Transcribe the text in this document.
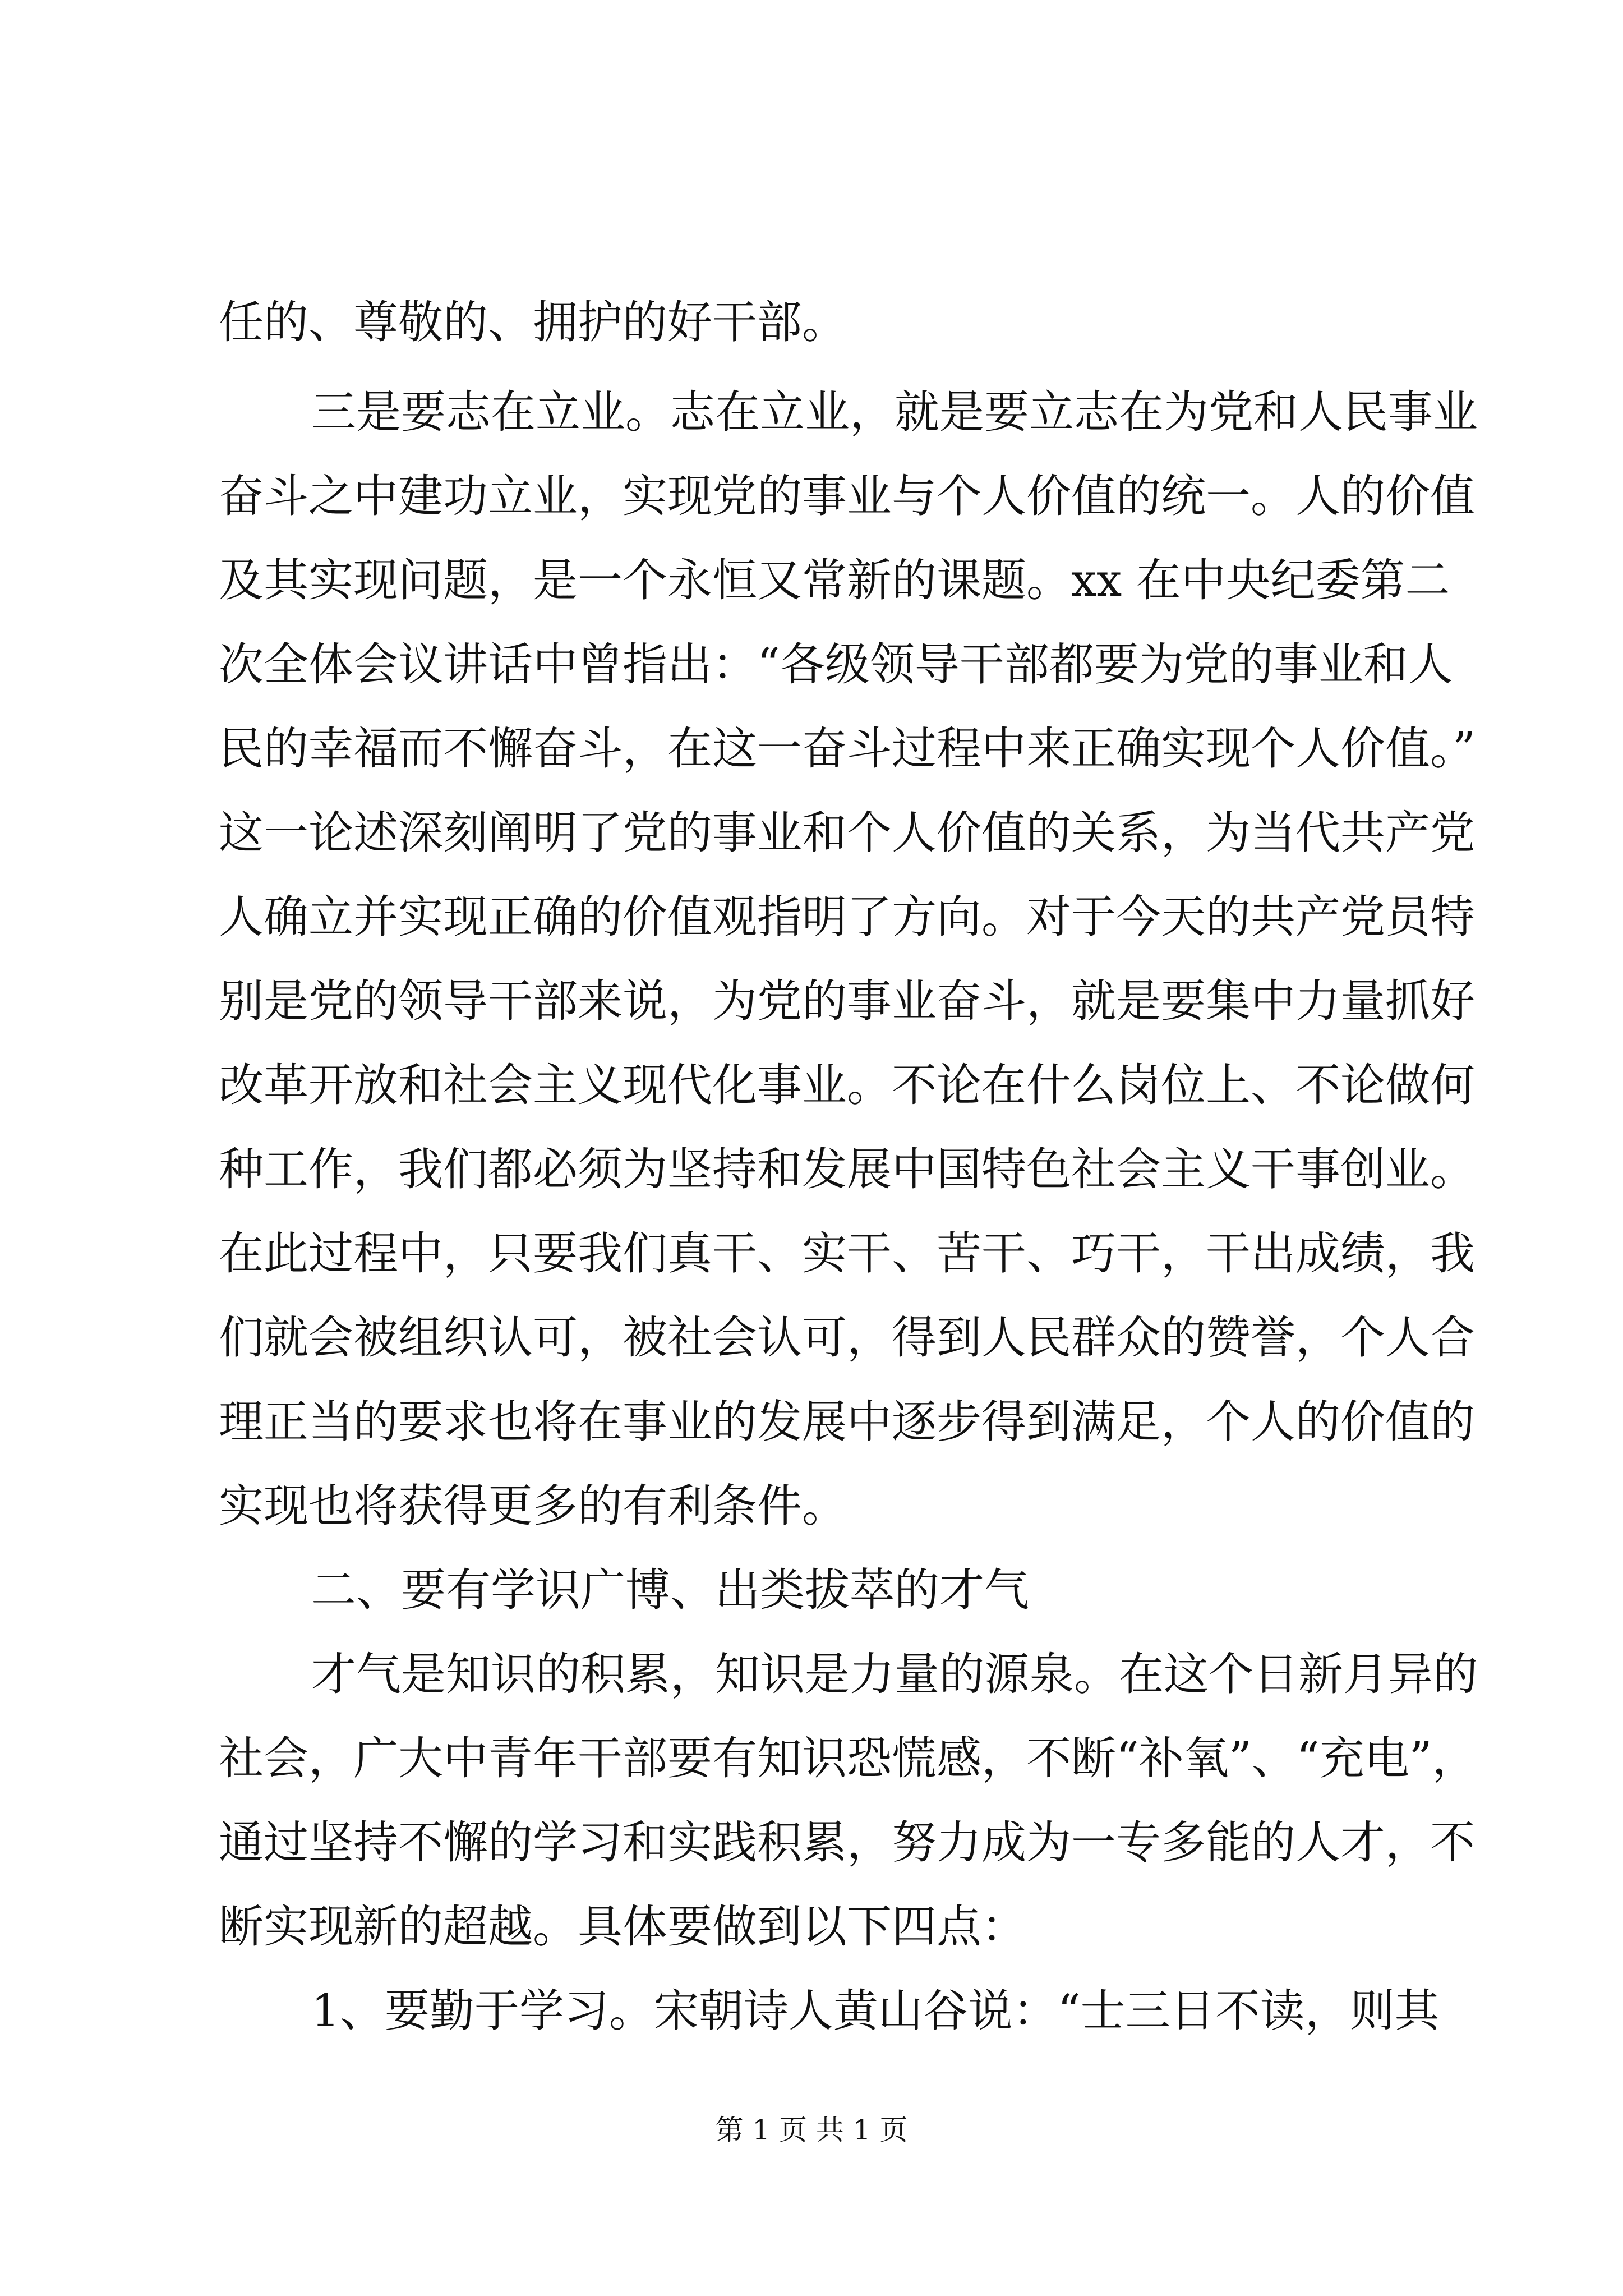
任的、尊敬的、拥护的好干部。
三是要志在立业。志在立业，就是要立志在为党和人民事业
奋斗之中建功立业，实现党的事业与个人价值的统一。人的价值
及其实现问题，是一个永恒又常新的课题。xx 在中央纪委第二
次全体会议讲话中曾指出：“各级领导干部都要为党的事业和人
民的幸福而不懈奋斗，在这一奋斗过程中来正确实现个人价值。”
这一论述深刻阐明了党的事业和个人价值的关系，为当代共产党
人确立并实现正确的价值观指明了方向。对于今天的共产党员特
别是党的领导干部来说，为党的事业奋斗，就是要集中力量抓好
改革开放和社会主义现代化事业。不论在什么岗位上、不论做何
种工作，我们都必须为坚持和发展中国特色社会主义干事创业。
在此过程中，只要我们真干、实干、苦干、巧干，干出成绩，我
们就会被组织认可，被社会认可，得到人民群众的赞誉，个人合
理正当的要求也将在事业的发展中逐步得到满足，个人的价值的
实现也将获得更多的有利条件。
二、要有学识广博、出类拔萃的才气
才气是知识的积累，知识是力量的源泉。在这个日新月异的
社会，广大中青年干部要有知识恐慌感，不断“补氧”、“充电”，
通过坚持不懈的学习和实践积累，努力成为一专多能的人才，不
断实现新的超越。具体要做到以下四点：
1、要勤于学习。宋朝诗人黄山谷说：“士三日不读，则其
第 1 页 共 1 页
